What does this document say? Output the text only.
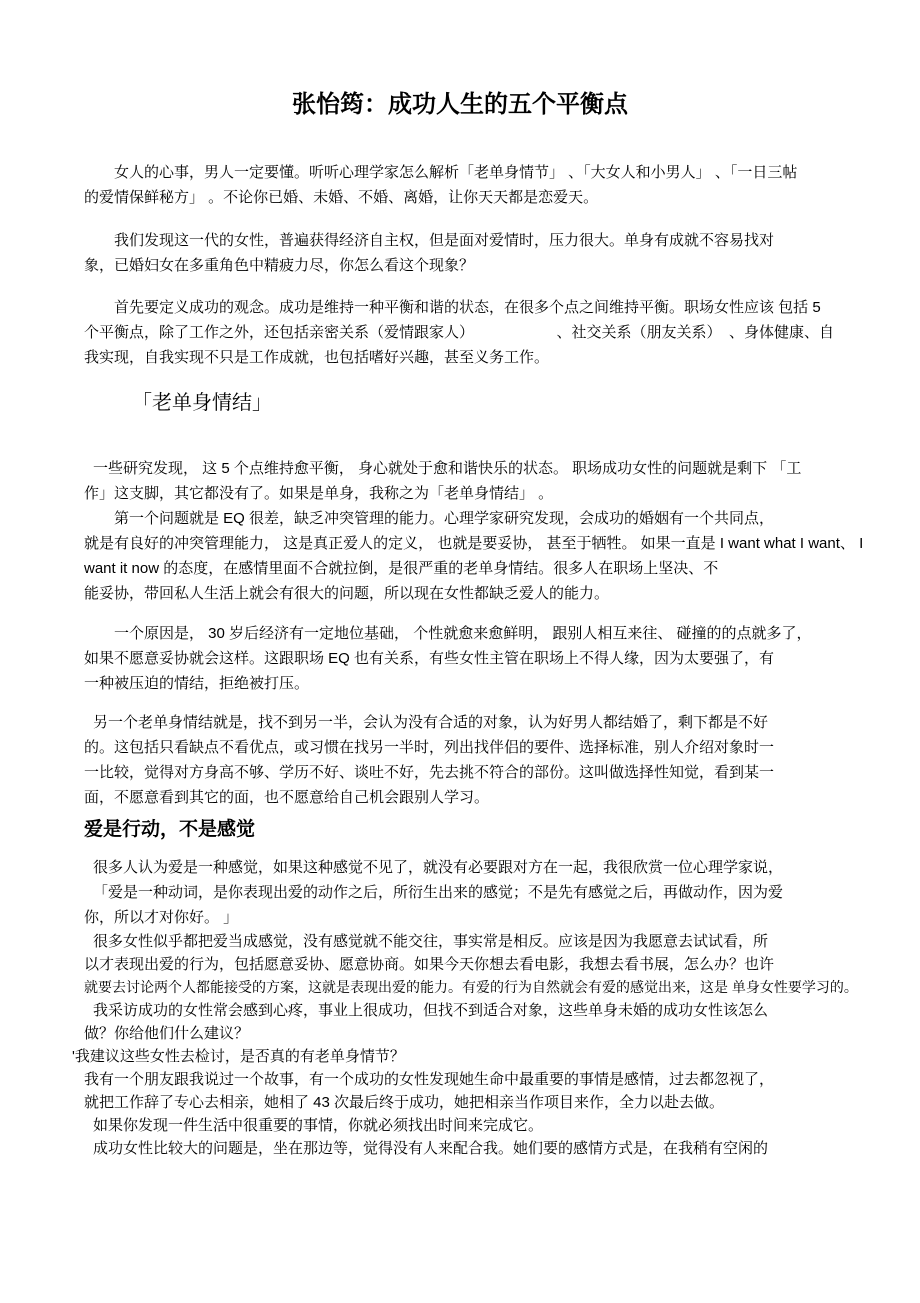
张怡筠：成功人生的五个平衡点
女人的心事，男人一定要懂。听听心理学家怎么解析「老单身情节」 、「大女人和小男人」 、「一日三帖
的爱情保鲜秘方」 。不论你已婚、未婚、不婚、离婚，让你天天都是恋爱天。
我们发现这一代的女性，普遍获得经济自主权，但是面对爱情时，压力很大。单身有成就不容易找对
象，已婚妇女在多重角色中精疲力尽，你怎么看这个现象？
首先要定义成功的观念。成功是维持一种平衡和谐的状态，在很多个点之间维持平衡。职场女性应该 包括 5
个平衡点，除了工作之外，还包括亲密关系（爱情跟家人）　　　　　　、社交关系（朋友关系）　、身体健康、自
我实现，自我实现不只是工作成就，也包括嗜好兴趣，甚至义务工作。
「老单身情结」
一些研究发现， 这 5 个点维持愈平衡， 身心就处于愈和谐快乐的状态。 职场成功女性的问题就是剩下 「工
作」这支脚，其它都没有了。如果是单身，我称之为「老单身情结」 。
第一个问题就是 EQ 很差，缺乏冲突管理的能力。心理学家研究发现，会成功的婚姻有一个共同点，
就是有良好的冲突管理能力， 这是真正爱人的定义， 也就是要妥协， 甚至于牺牲。 如果一直是 I want what I want、 I
want it now 的态度，在感情里面不合就拉倒，是很严重的老单身情结。很多人在职场上坚决、不
能妥协，带回私人生活上就会有很大的问题，所以现在女性都缺乏爱人的能力。
一个原因是， 30 岁后经济有一定地位基础， 个性就愈来愈鲜明， 跟别人相互来往、 碰撞的的点就多了，
如果不愿意妥协就会这样。这跟职场 EQ 也有关系，有些女性主管在职场上不得人缘，因为太要强了，有
一种被压迫的情结，拒绝被打压。
另一个老单身情结就是，找不到另一半，会认为没有合适的对象，认为好男人都结婚了，剩下都是不好
的。这包括只看缺点不看优点，或习惯在找另一半时，列出找伴侣的要件、选择标准，别人介绍对象时一
一比较，觉得对方身高不够、学历不好、谈吐不好，先去挑不符合的部份。这叫做选择性知觉，看到某一
面，不愿意看到其它的面，也不愿意给自己机会跟别人学习。
爱是行动，不是感觉
很多人认为爱是一种感觉，如果这种感觉不见了，就没有必要跟对方在一起，我很欣赏一位心理学家说，
「爱是一种动词，是你表现出爱的动作之后，所衍生出来的感觉；不是先有感觉之后，再做动作，因为爱
你，所以才对你好。 」
很多女性似乎都把爱当成感觉，没有感觉就不能交往，事实常是相反。应该是因为我愿意去试试看，所
以才表现出爱的行为，包括愿意妥协、愿意协商。如果今天你想去看电影，我想去看书展，怎么办？也许
就要去讨论两个人都能接受的方案，这就是表现出爱的能力。有爱的行为自然就会有爱的感觉出来，这是 单身女性要学习的。
我采访成功的女性常会感到心疼，事业上很成功，但找不到适合对象，这些单身未婚的成功女性该怎么
做？你给他们什么建议？
'我建议这些女性去检讨，是否真的有老单身情节？
我有一个朋友跟我说过一个故事，有一个成功的女性发现她生命中最重要的事情是感情，过去都忽视了，
就把工作辞了专心去相亲，她相了 43 次最后终于成功，她把相亲当作项目来作，全力以赴去做。
如果你发现一件生活中很重要的事情，你就必须找出时间来完成它。
成功女性比较大的问题是，坐在那边等，觉得没有人来配合我。她们要的感情方式是，在我稍有空闲的
